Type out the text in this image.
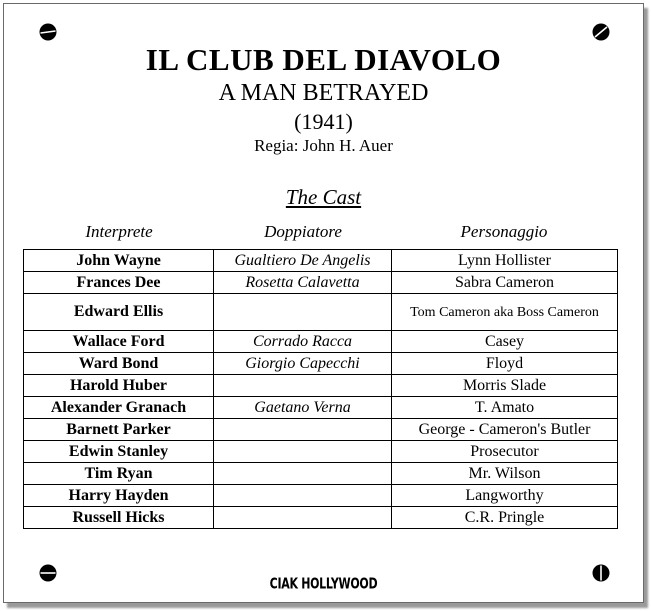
IL CLUB DEL DIAVOLO
A MAN BETRAYED
(1941)
Regia: John H. Auer
The Cast
Interprete	Doppiatore	Personaggio
John Wayne	Gualtiero De Angelis	Lynn Hollister
Frances Dee	Rosetta Calavetta	Sabra Cameron
Edward Ellis		Tom Cameron aka Boss Cameron
Wallace Ford	Corrado Racca	Casey
Ward Bond	Giorgio Capecchi	Floyd
Harold Huber		Morris Slade
Alexander Granach	Gaetano Verna	T. Amato
Barnett Parker		George - Cameron's Butler
Edwin Stanley		Prosecutor
Tim Ryan		Mr. Wilson
Harry Hayden		Langworthy
Russell Hicks		C.R. Pringle
CIAK HOLLYWOOD
